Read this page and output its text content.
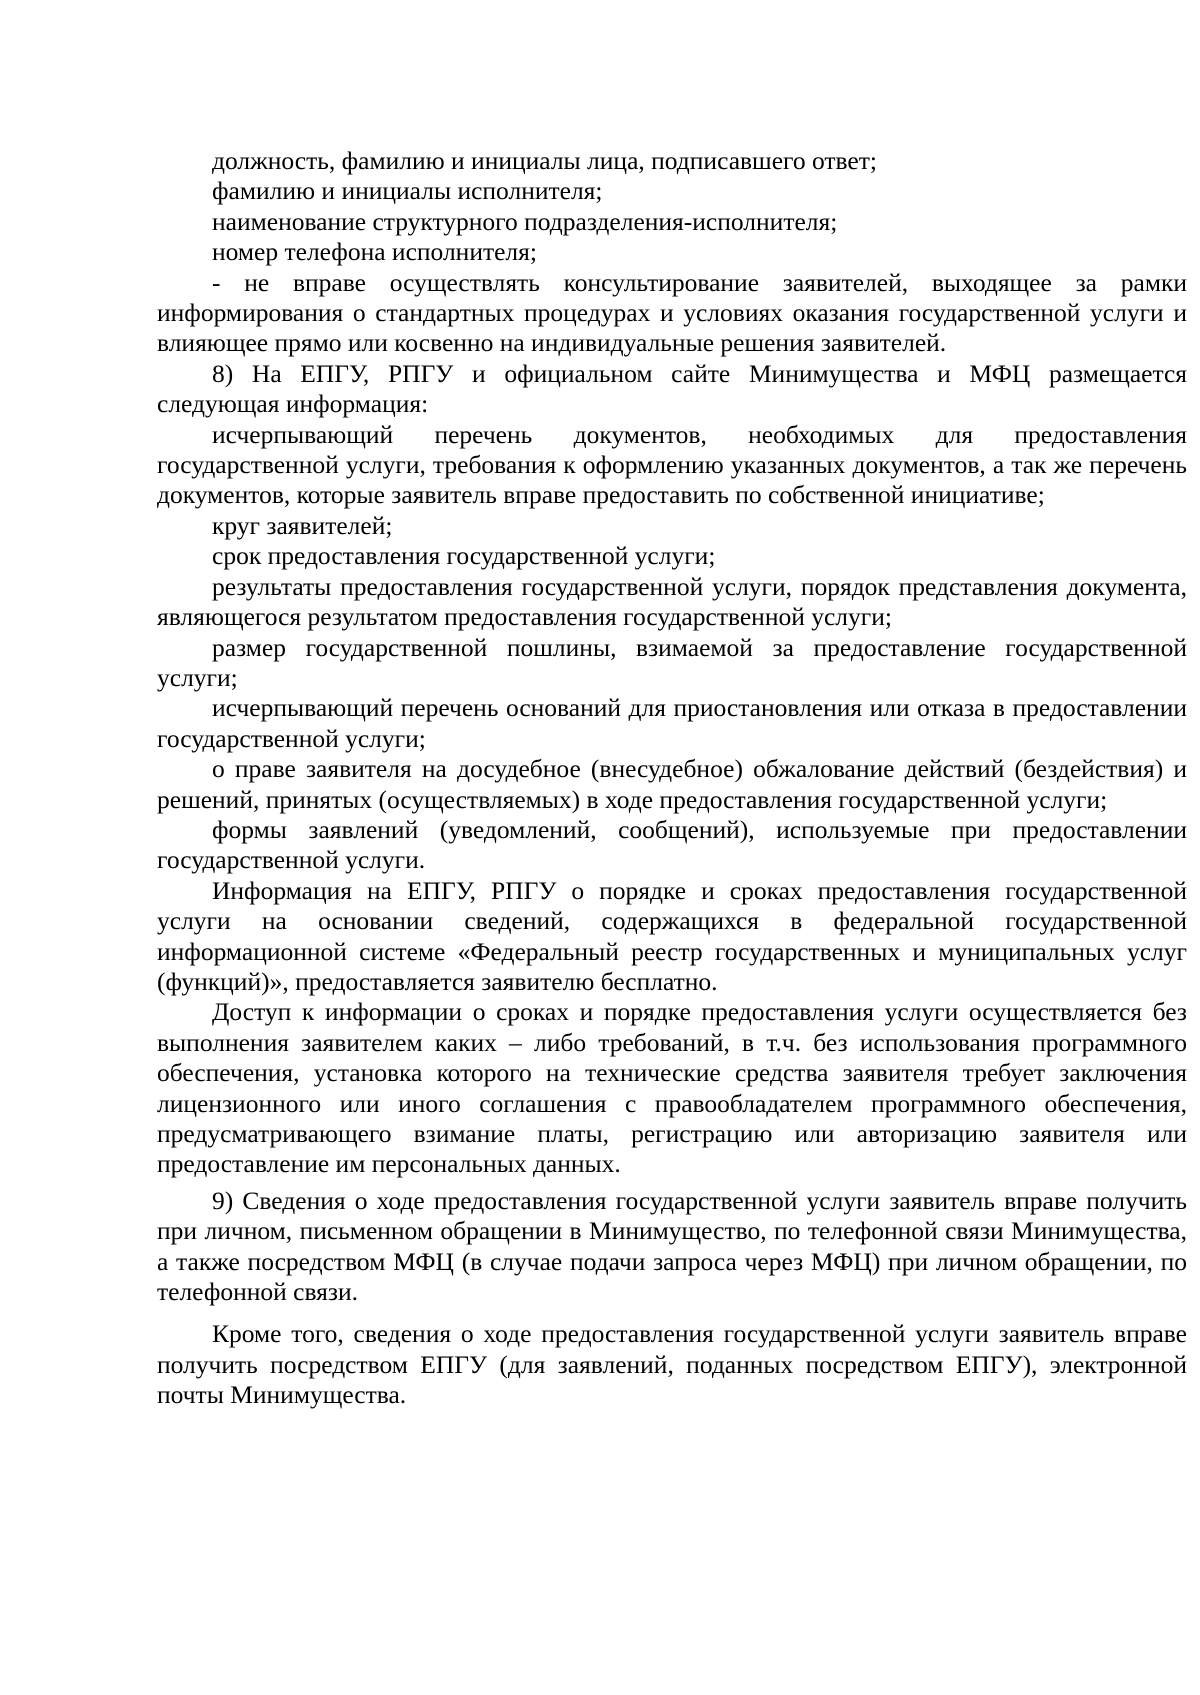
должность, фамилию и инициалы лица, подписавшего ответ;

фамилию и инициалы исполнителя;

наименование структурного подразделения-исполнителя;

номер телефона исполнителя;

- не вправе осуществлять консультирование заявителей, выходящее за рамки информирования о стандартных процедурах и условиях оказания государственной услуги и влияющее прямо или косвенно на индивидуальные решения заявителей.

8) На ЕПГУ, РПГУ и официальном сайте Минимущества и МФЦ размещается следующая информация:

исчерпывающий перечень документов, необходимых для предоставления государственной услуги, требования к оформлению указанных документов, а так же перечень документов, которые заявитель вправе предоставить по собственной инициативе;

круг заявителей;

срок предоставления государственной услуги;

результаты предоставления государственной услуги, порядок представления документа, являющегося результатом предоставления государственной услуги;

размер государственной пошлины, взимаемой за предоставление государственной услуги;

исчерпывающий перечень оснований для приостановления или отказа в предоставлении государственной услуги;

о праве заявителя на досудебное (внесудебное) обжалование действий (бездействия) и решений, принятых (осуществляемых) в ходе предоставления государственной услуги;

формы заявлений (уведомлений, сообщений), используемые при предоставлении государственной услуги.

Информация на ЕПГУ, РПГУ о порядке и сроках предоставления государственной услуги на основании сведений, содержащихся в федеральной государственной информационной системе «Федеральный реестр государственных и муниципальных услуг (функций)», предоставляется заявителю бесплатно.

Доступ к информации о сроках и порядке предоставления услуги осуществляется без выполнения заявителем каких – либо требований, в т.ч. без использования программного обеспечения, установка которого на технические средства заявителя требует заключения лицензионного или иного соглашения с правообладателем программного обеспечения, предусматривающего взимание платы, регистрацию или авторизацию заявителя или предоставление им персональных данных.

9) Сведения о ходе предоставления государственной услуги заявитель вправе получить при личном, письменном обращении в Минимущество, по телефонной связи Минимущества, а также посредством МФЦ (в случае подачи запроса через МФЦ) при личном обращении, по телефонной связи.

Кроме того, сведения о ходе предоставления государственной услуги заявитель вправе получить посредством ЕПГУ (для заявлений, поданных посредством ЕПГУ), электронной почты Минимущества.
